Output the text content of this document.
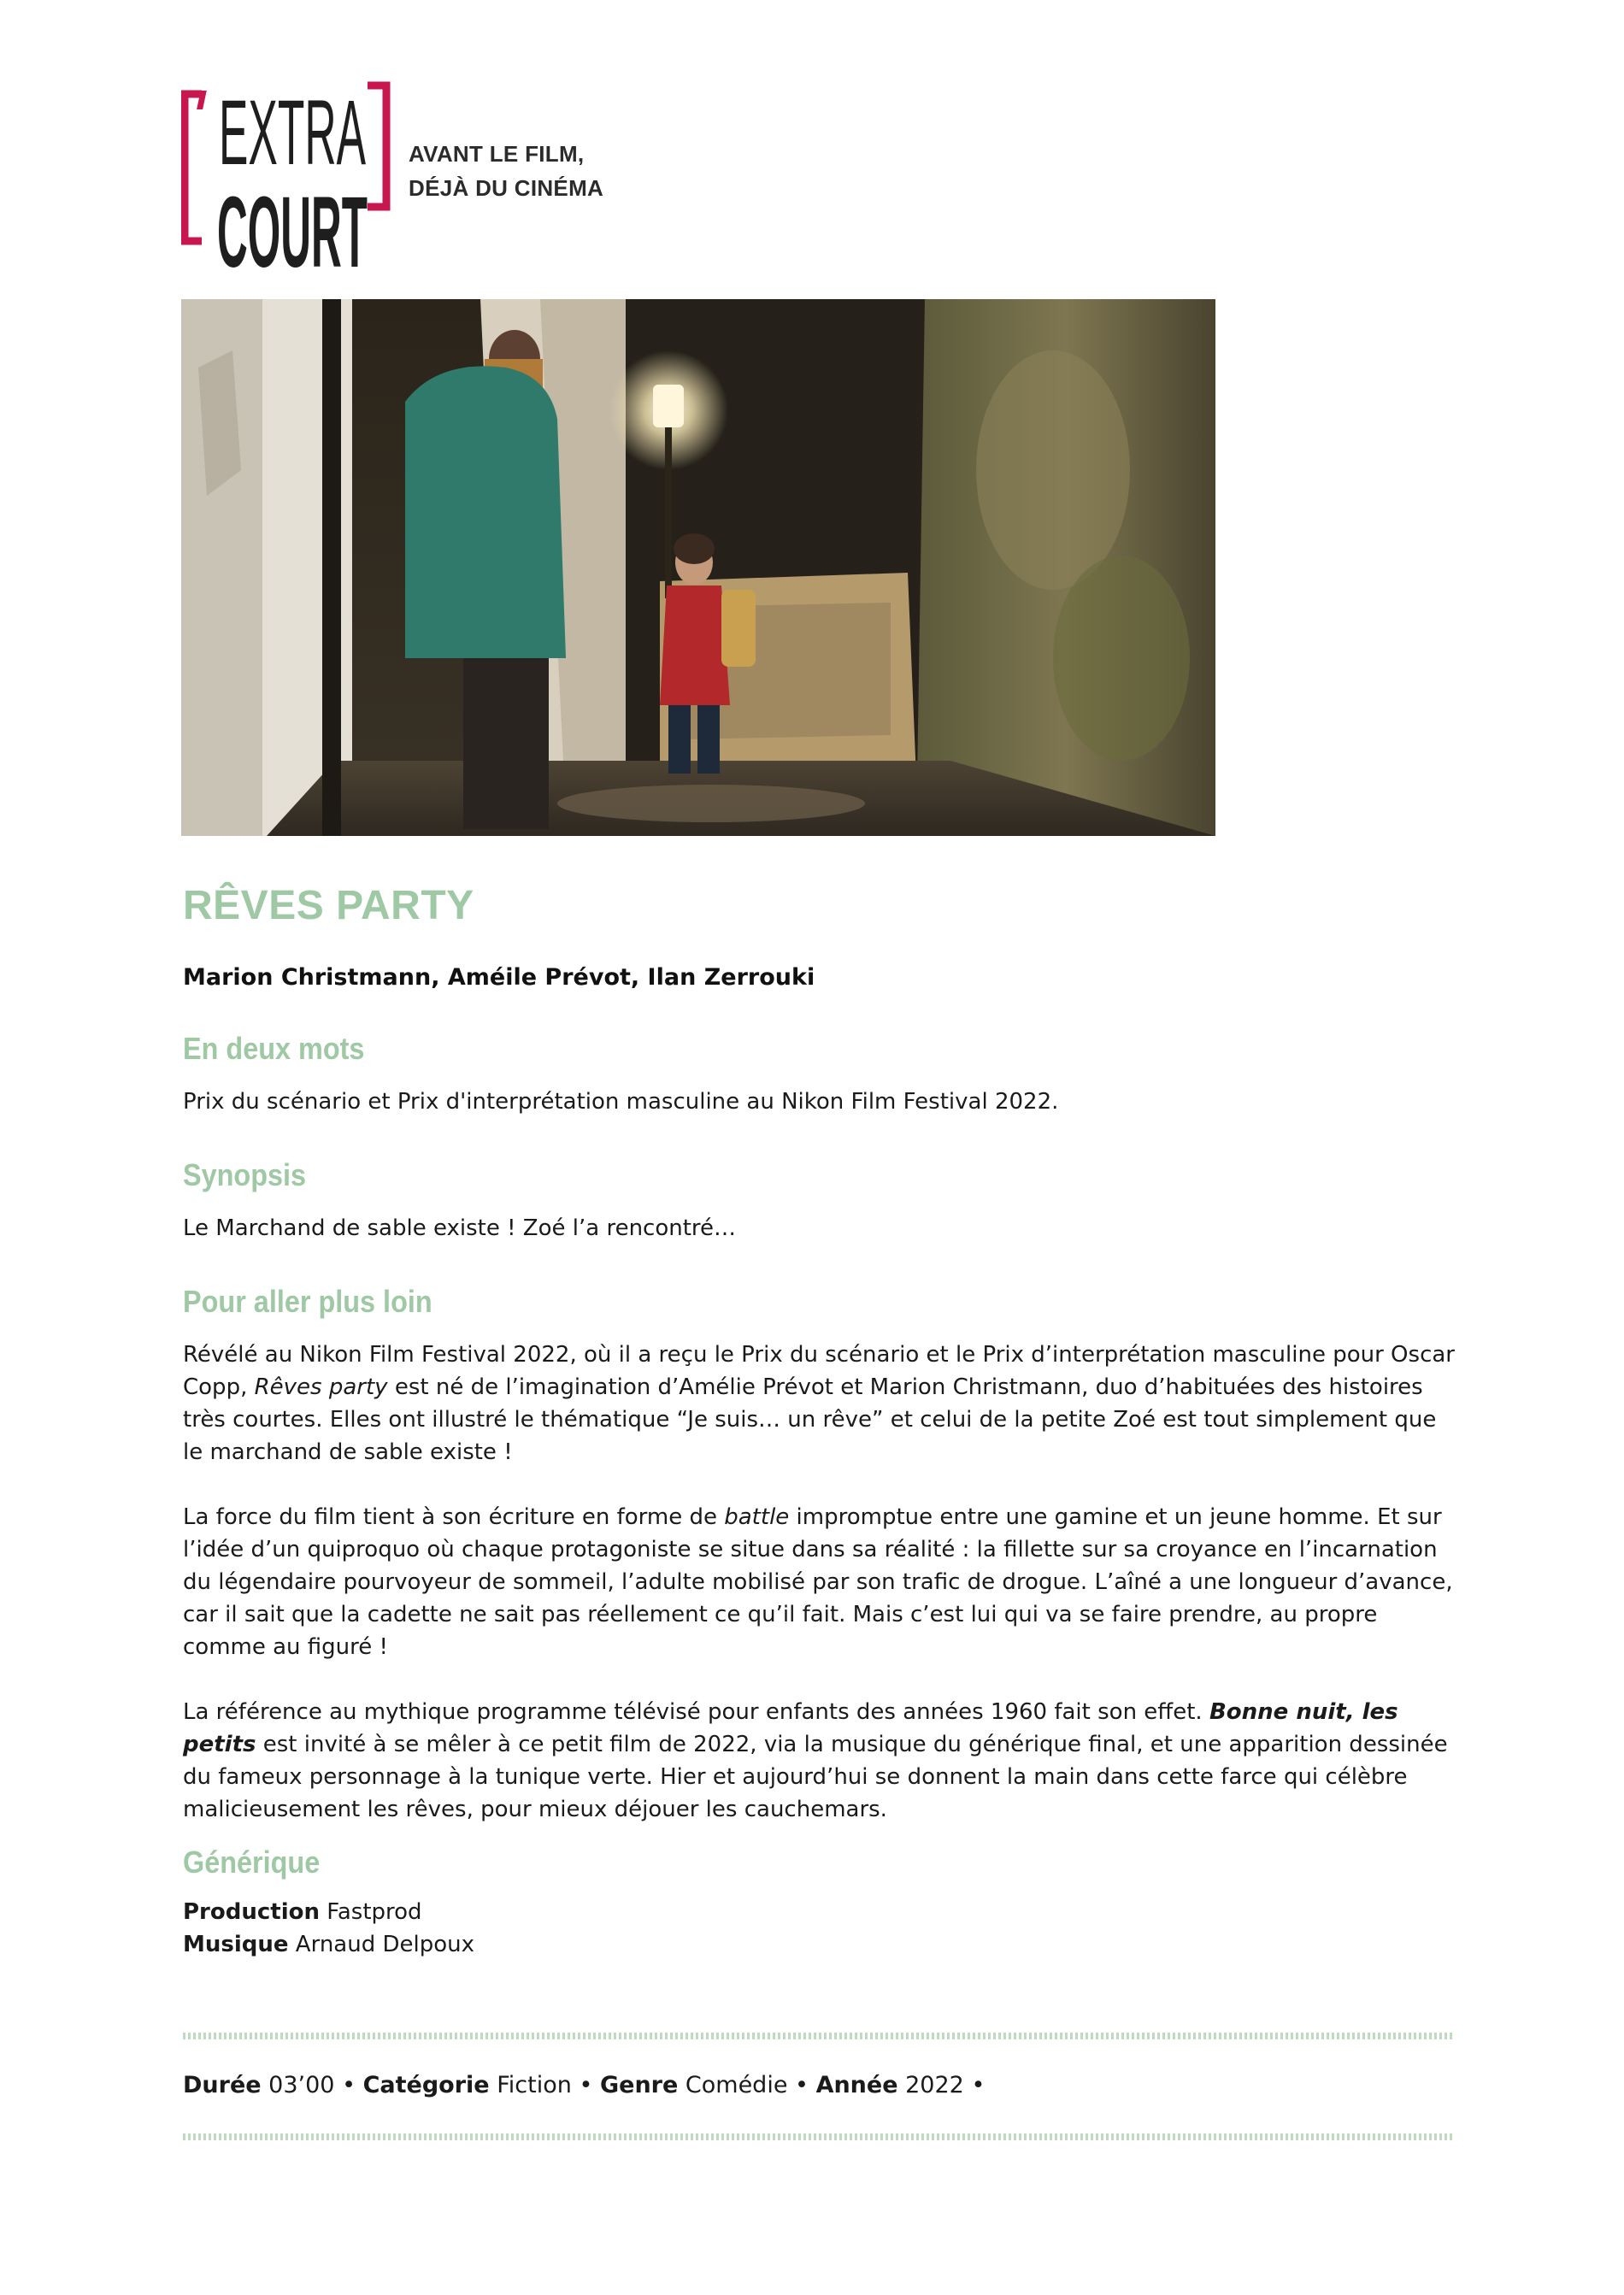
EXTRA
COURT
AVANT LE FILM,
DÉJÀ DU CINÉMA
RÊVES PARTY

Marion Christmann, Améile Prévot, Ilan Zerrouki

En deux mots

Prix du scénario et Prix d'interprétation masculine au Nikon Film Festival 2022.

Synopsis

Le Marchand de sable existe ! Zoé l’a rencontré…

Pour aller plus loin

Révélé au Nikon Film Festival 2022, où il a reçu le Prix du scénario et le Prix d’interprétation masculine pour Oscar Copp, Rêves party est né de l’imagination d’Amélie Prévot et Marion Christmann, duo d’habituées des histoires très courtes. Elles ont illustré le thématique “Je suis… un rêve” et celui de la petite Zoé est tout simplement que le marchand de sable existe !

La force du film tient à son écriture en forme de battle impromptue entre une gamine et un jeune homme. Et sur l’idée d’un quiproquo où chaque protagoniste se situe dans sa réalité : la fillette sur sa croyance en l’incarnation du légendaire pourvoyeur de sommeil, l’adulte mobilisé par son trafic de drogue. L’aîné a une longueur d’avance, car il sait que la cadette ne sait pas réellement ce qu’il fait. Mais c’est lui qui va se faire prendre, au propre comme au figuré !

La référence au mythique programme télévisé pour enfants des années 1960 fait son effet. Bonne nuit, les petits est invité à se mêler à ce petit film de 2022, via la musique du générique final, et une apparition dessinée du fameux personnage à la tunique verte. Hier et aujourd’hui se donnent la main dans cette farce qui célèbre malicieusement les rêves, pour mieux déjouer les cauchemars.

Générique

Production Fastprod

Musique Arnaud Delpoux

Durée 03’00 • Catégorie Fiction • Genre Comédie • Année 2022 •
